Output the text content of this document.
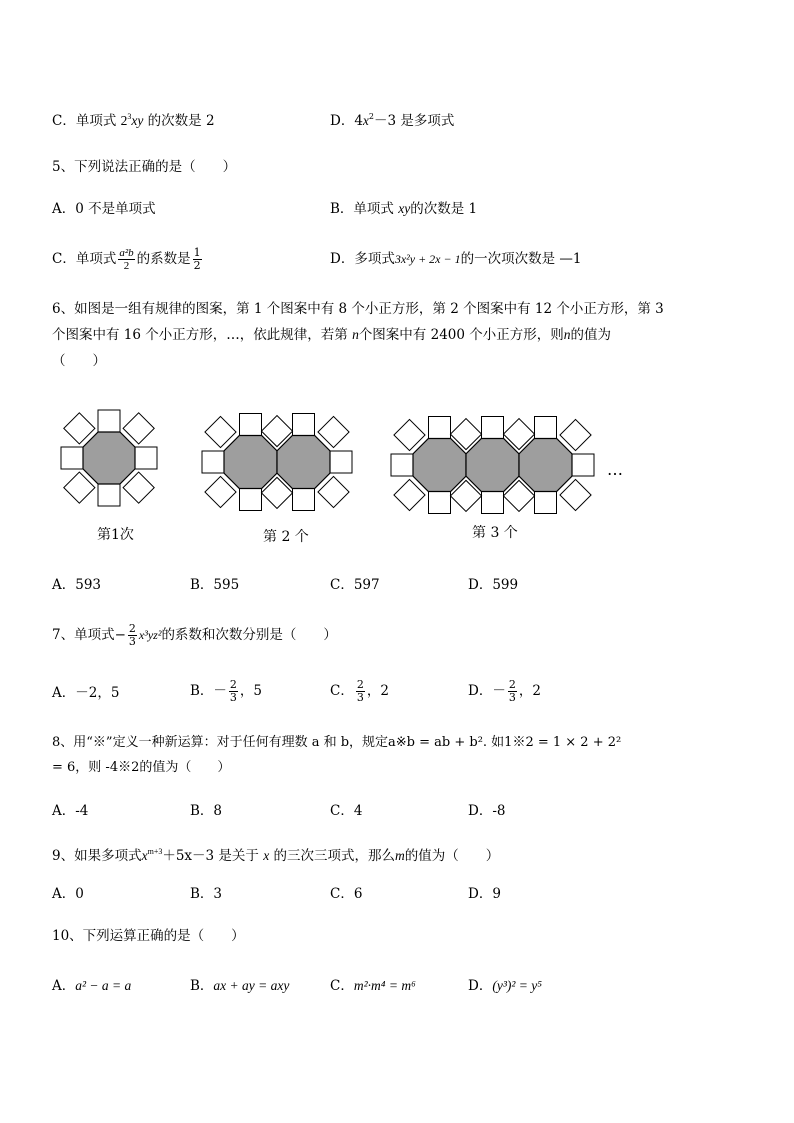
C．单项式 $2^3xy$ 的次数是 2	D．$4x^2-3$ 是多项式
5、下列说法正确的是（　　）
A．0 不是单项式	B．单项式 xy的次数是 1
C．单项式 $\frac{\text{a²b}}{2}$ 的系数是 $\frac{1}{2}$	D．多项式3x²y + 2x − 1的一次项次数是 —1
6、如图是一组有规律的图案，第 1 个图案中有 8 个小正方形，第 2 个图案中有 12 个小正方形，第 3
个图案中有 16 个小正方形，…，依此规律，若第 n个图案中有 2400 个小正方形，则n的值为
（　　）
第1次	第 2 个	第 3 个
…
A．593	B．595	C．597	D．599
7、单项式− $\frac{2}{3} x^3yz^2$的系数和次数分别是（　　）
A．－2，5	B．－ $\frac{2}{3}$ ，5	C． $\frac{2}{3}$ ，2	D．－ $\frac{2}{3}$ ，2
8、用“※”定义一种新运算：对于任何有理数 a 和 b，规定a※b = ab + b². 如1※2 = 1 × 2 + 2²
= 6，则 -4※2的值为（　　）
A．-4	B．8	C．4	D．-8
9、如果多项式$x^{m+3}+5x-3$ 是关于 x 的三次三项式，那么m的值为（　　）
A．0	B．3	C．6	D．9
10、下列运算正确的是（　　）
A．a² − a = a	B．ax + ay = axy	C．m²·m⁴ = m⁶	D．(y³)² = y⁵
